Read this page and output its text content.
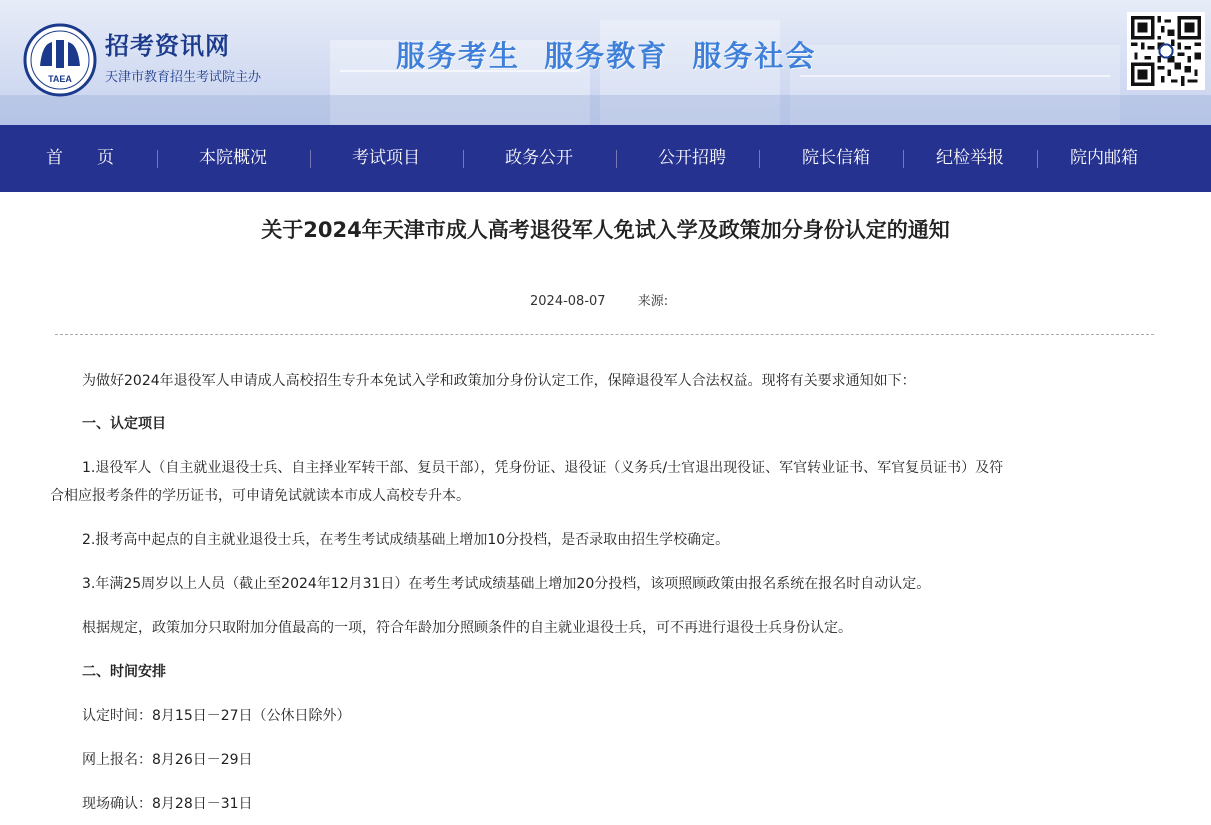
TAEA
招考资讯网
天津市教育招生考试院主办
服务考生  服务教育  服务社会
首　　页	本院概况	考试项目	政务公开	公开招聘	院长信箱	纪检举报	院内邮箱
关于2024年天津市成人高考退役军人免试入学及政策加分身份认定的通知
2024-08-07 来源:
为做好2024年退役军人申请成人高校招生专升本免试入学和政策加分身份认定工作，保障退役军人合法权益。现将有关要求通知如下：
一、认定项目
1.退役军人（自主就业退役士兵、自主择业军转干部、复员干部），凭身份证、退役证（义务兵/士官退出现役证、军官转业证书、军官复员证书）及符
合相应报考条件的学历证书，可申请免试就读本市成人高校专升本。
2.报考高中起点的自主就业退役士兵，在考生考试成绩基础上增加10分投档，是否录取由招生学校确定。
3.年满25周岁以上人员（截止至2024年12月31日）在考生考试成绩基础上增加20分投档，该项照顾政策由报名系统在报名时自动认定。
根据规定，政策加分只取附加分值最高的一项，符合年龄加分照顾条件的自主就业退役士兵，可不再进行退役士兵身份认定。
二、时间安排
认定时间：8月15日－27日（公休日除外）
网上报名：8月26日－29日
现场确认：8月28日－31日
